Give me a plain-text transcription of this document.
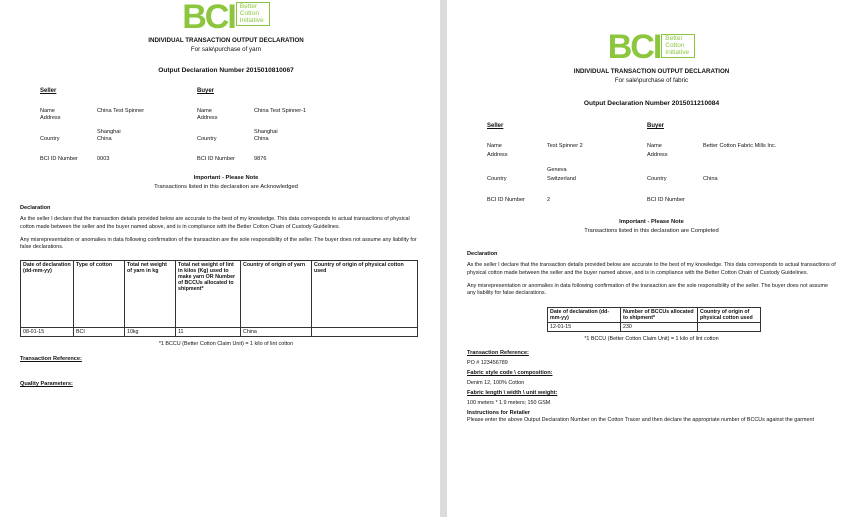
BCI Better
Cotton
Initiative
INDIVIDUAL TRANSACTION OUTPUT DECLARATION
For sale\purchase of yarn
Output Declaration Number 2015010810067
Seller	Buyer
Name	China Test Spinner	Name	China Test Spinner-1
Address	Address
Shanghai	Shanghai
Country	China	Country	China
BCI ID Number	0003	BCI ID Number	9876
Important - Please Note
Transactions listed in this declaration are Acknowledged
Declaration
As the seller I declare that the transaction details provided below are accurate to the best of my knowledge. This data corresponds to actual transactions of physical cotton made between the seller and the buyer named above, and is in compliance with the Better Cotton Chain of Custody Guidelines.
Any misrepresentation or anomalies in data following confirmation of the transaction are the sole responsibility of the seller. The buyer does not assume any liability for false declarations.
Date of declaration (dd-mm-yy)	Type of cotton	Total net weight of yarn in kg	Total net weight of lint in kilos (Kg) used to make yarn OR Number of BCCUs allocated to shipment*	Country of origin of yarn	Country of origin of physical cotton used
08-01-15	BCI	10kg	11	China	
*1 BCCU (Better Cotton Claim Unit) = 1 kilo of lint cotton
Transaction Reference:
Quality Parameters:
BCI Better
Cotton
Initiative
INDIVIDUAL TRANSACTION OUTPUT DECLARATION
For sale\purchase of fabric
Output Declaration Number 2015011210084
Seller	Buyer
Name	Test Spinner 2	Name	Better Cotton Fabric Mills Inc.
Address	Address
Geneva
Country	Switzerland	Country	China
BCI ID Number	2	BCI ID Number
Important - Please Note
Transactions listed in this declaration are Completed
Declaration
As the seller I declare that the transaction details provided below are accurate to the best of my knowledge. This data corresponds to actual transactions of physical cotton made between the seller and the buyer named above, and is in compliance with the Better Cotton Chain of Custody Guidelines.
Any misrepresentation or anomalies in data following confirmation of the transaction are the sole responsibility of the seller. The buyer does not assume any liability for false declarations.
Date of declaration (dd-mm-yy)	Number of BCCUs allocated to shipment*	Country of origin of physical cotton used
12-01-15	230	
*1 BCCU (Better Cotton Claim Unit) = 1 kilo of lint cotton
Transaction Reference:
PO # 123456789
Fabric style code \ composition:
Denim 12, 100% Cotton
Fabric length \ width \ unit weight:
100 meters * 1.9 meters; 150 GSM
Instructions for Retailer
Please enter the above Output Declaration Number on the Cotton Tracer and then declare the appropriate number of BCCUs against the garment
